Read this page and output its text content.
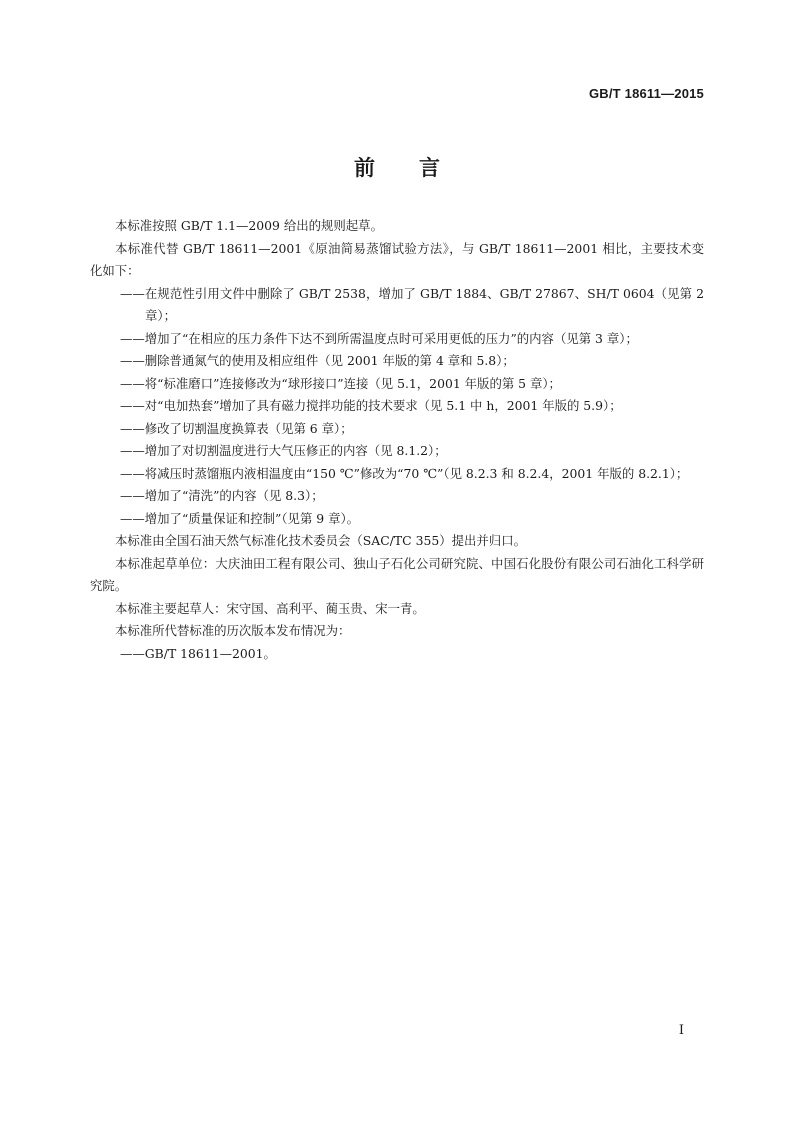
GB/T 18611—2015
前言

本标准按照 GB/T 1.1—2009 给出的规则起草。

本标准代替 GB/T 18611—2001《原油简易蒸馏试验方法》，与 GB/T 18611—2001 相比，主要技术变化如下：

——在规范性引用文件中删除了 GB/T 2538，增加了 GB/T 1884、GB/T 27867、SH/T 0604（见第 2 章）；

——增加了“在相应的压力条件下达不到所需温度点时可采用更低的压力”的内容（见第 3 章）；

——删除普通氮气的使用及相应组件（见 2001 年版的第 4 章和 5.8）；

——将“标准磨口”连接修改为“球形接口”连接（见 5.1，2001 年版的第 5 章）；

——对“电加热套”增加了具有磁力搅拌功能的技术要求（见 5.1 中 h，2001 年版的 5.9）；

——修改了切割温度换算表（见第 6 章）；

——增加了对切割温度进行大气压修正的内容（见 8.1.2）；

——将减压时蒸馏瓶内液相温度由“150 ℃”修改为“70 ℃”（见 8.2.3 和 8.2.4，2001 年版的 8.2.1）；

——增加了“清洗”的内容（见 8.3）；

——增加了“质量保证和控制”（见第 9 章）。

本标准由全国石油天然气标准化技术委员会（SAC/TC 355）提出并归口。

本标准起草单位：大庆油田工程有限公司、独山子石化公司研究院、中国石化股份有限公司石油化工科学研究院。

本标准主要起草人：宋守国、高利平、蔺玉贵、宋一青。

本标准所代替标准的历次版本发布情况为：

——GB/T 18611—2001。

I
